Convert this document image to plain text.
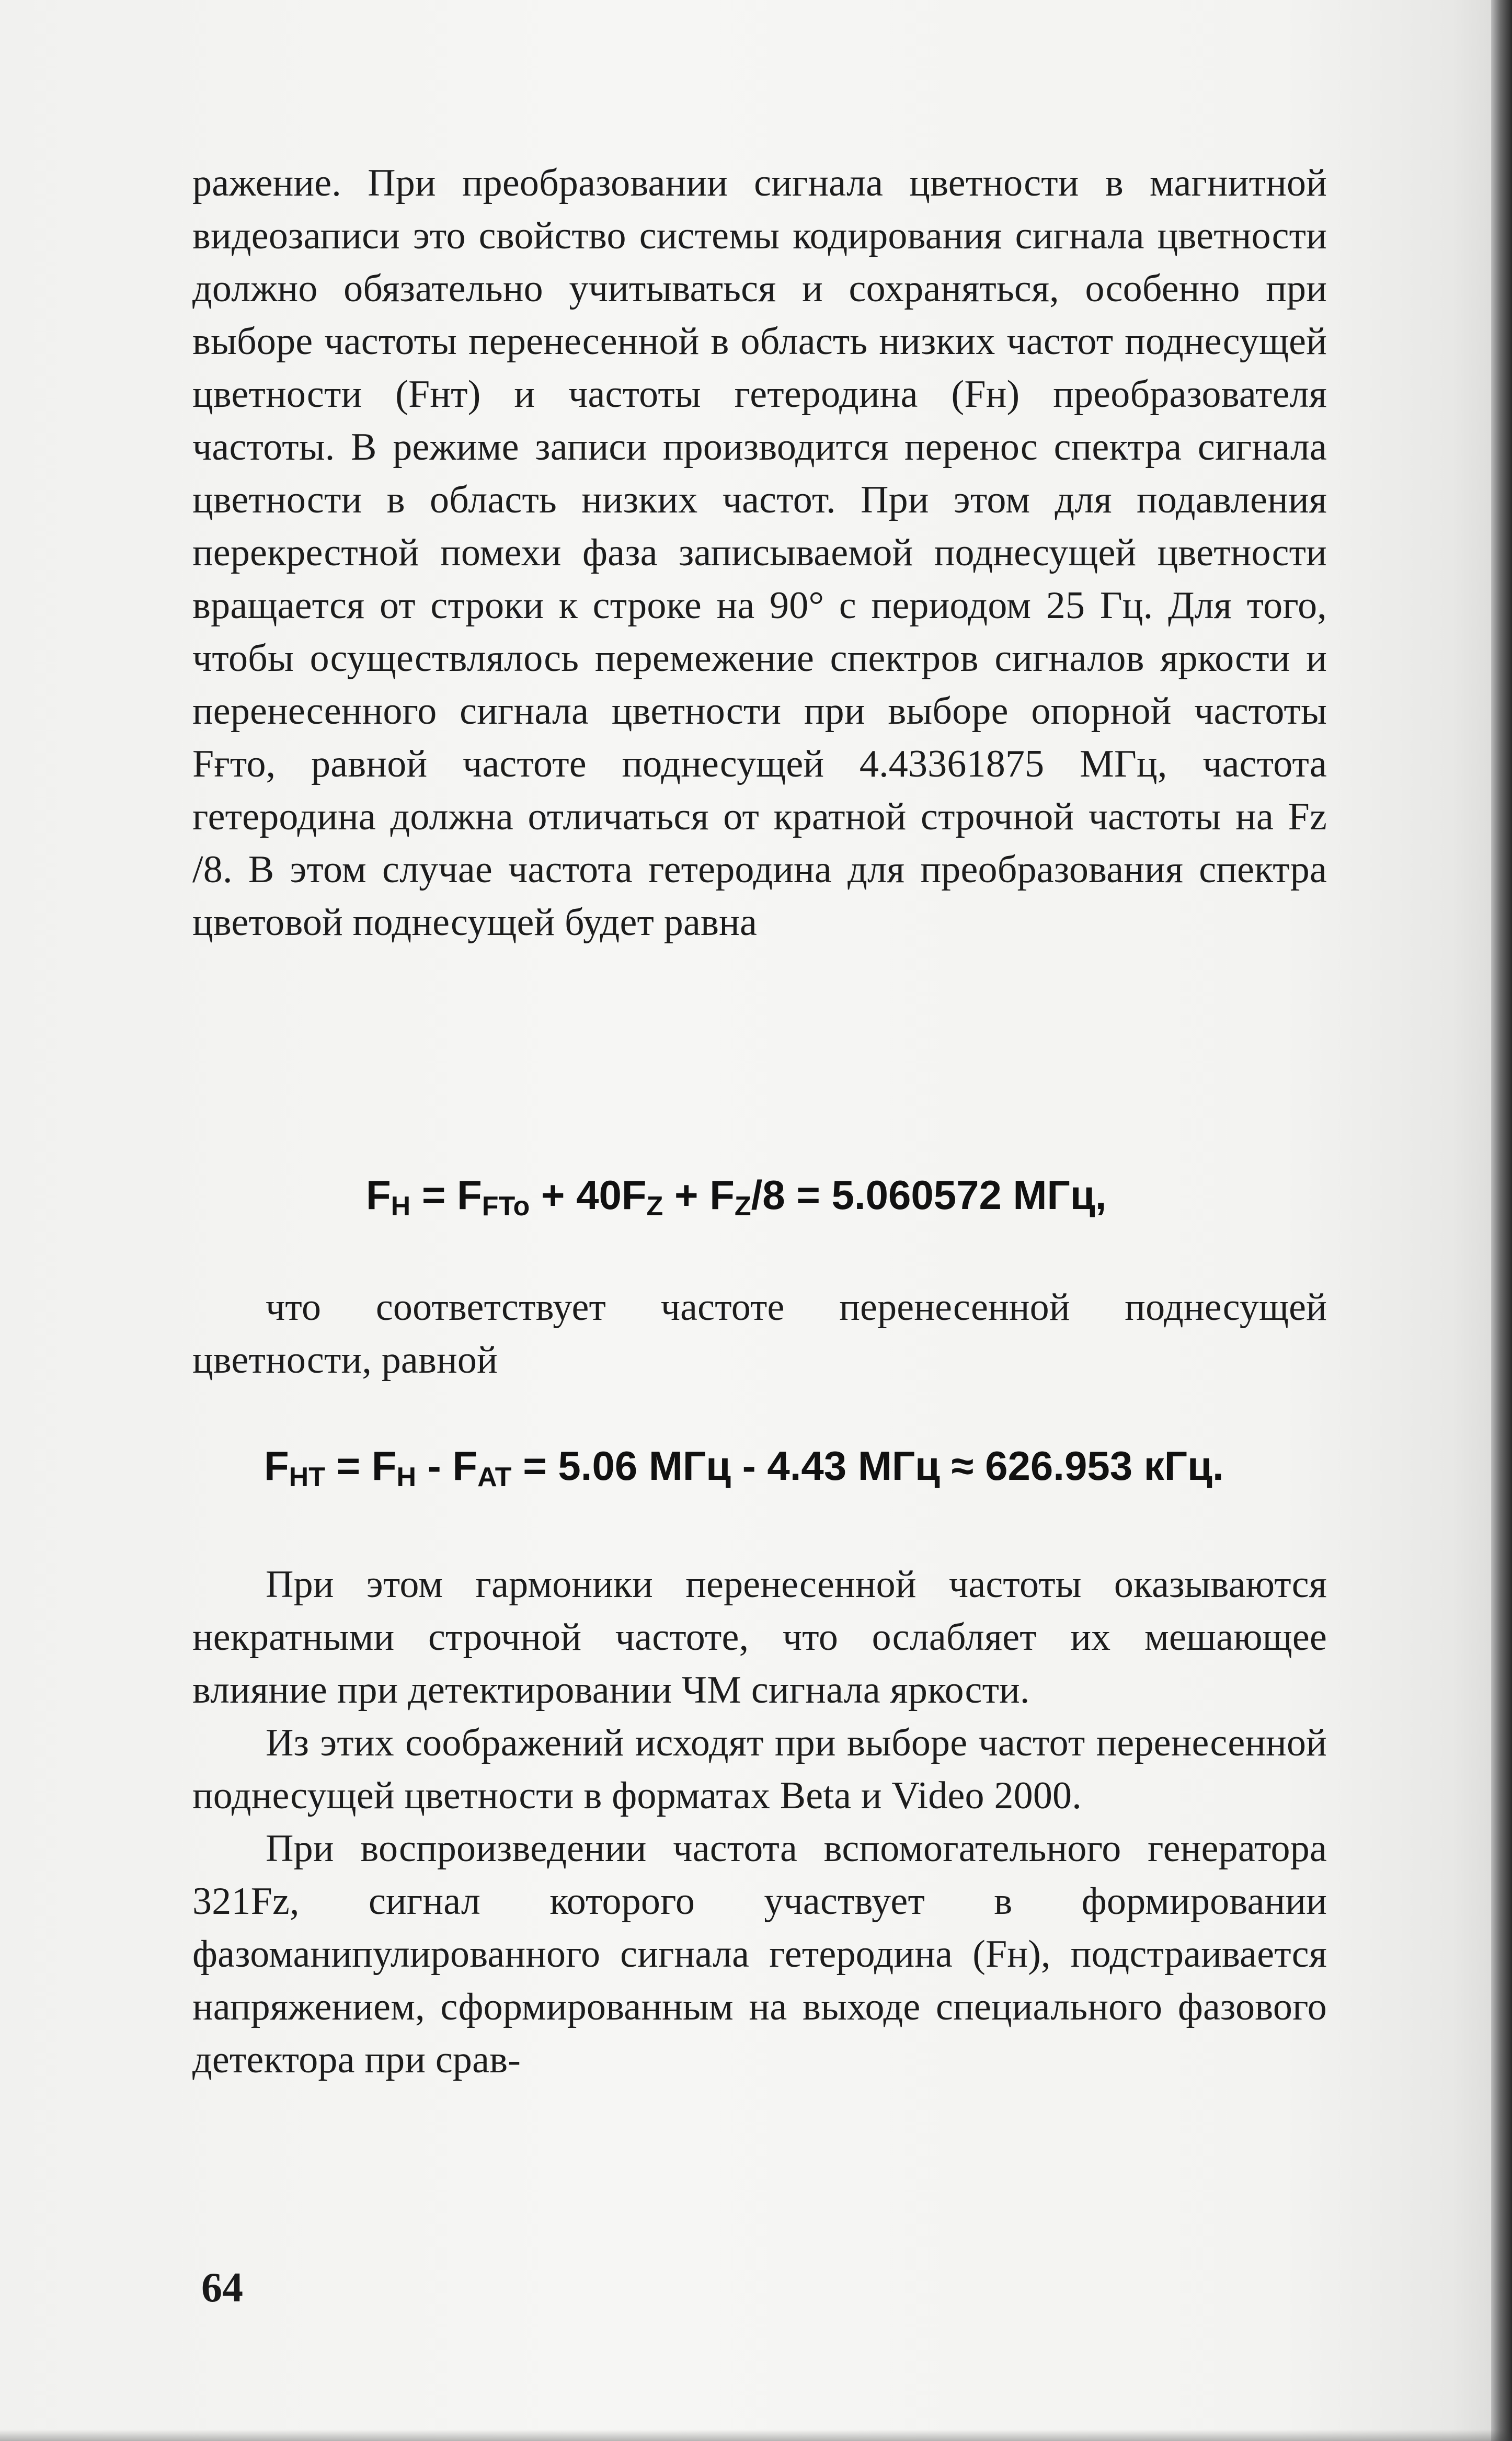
ражение. При преобразовании сигнала цветности в магнитной видеозаписи это свойство системы кодирования сигнала цветности должно обязательно учитываться и сохраняться, особенно при выборе частоты перенесенной в область низких частот поднесущей цветности (Fнт) и частоты гетеродина (Fн) преобразователя частоты. В режиме записи производится перенос спектра сигнала цветности в область низких частот. При этом для подавления перекрестной помехи фаза записываемой поднесущей цветности вращается от строки к строке на 90° с периодом 25 Гц. Для того, чтобы осуществлялось перемежение спектров сигналов яркости и перенесенного сигнала цветности при выборе опорной частоты Fғто, равной частоте поднесущей 4.43361875 МГц, частота гетеродина должна отличаться от кратной строчной частоты на Fz /8. В этом случае частота гетеродина для преобразования спектра цветовой поднесущей будет равна

$F_H = F_{FTo} + 40F_Z + F_Z/8 = 5.060572$ МГц,

что соответствует частоте перенесенной поднесущей цветности, равной

$F_{HT} = F_H - F_{AT} = 5.06$ МГц - 4.43 МГц ≈ 626.953 кГц.

При этом гармоники перенесенной частоты оказываются некратными строчной частоте, что ослабляет их мешающее влияние при детектировании ЧМ сигнала яркости.

Из этих соображений исходят при выборе частот перенесенной поднесущей цветности в форматах Beta и Video 2000.

При воспроизведении частота вспомогательного генератора 321Fz, сигнал которого участвует в формировании фазоманипулированного сигнала гетеродина (Fн), подстраивается напряжением, сформированным на выходе специального фазового детектора при срав-

64
